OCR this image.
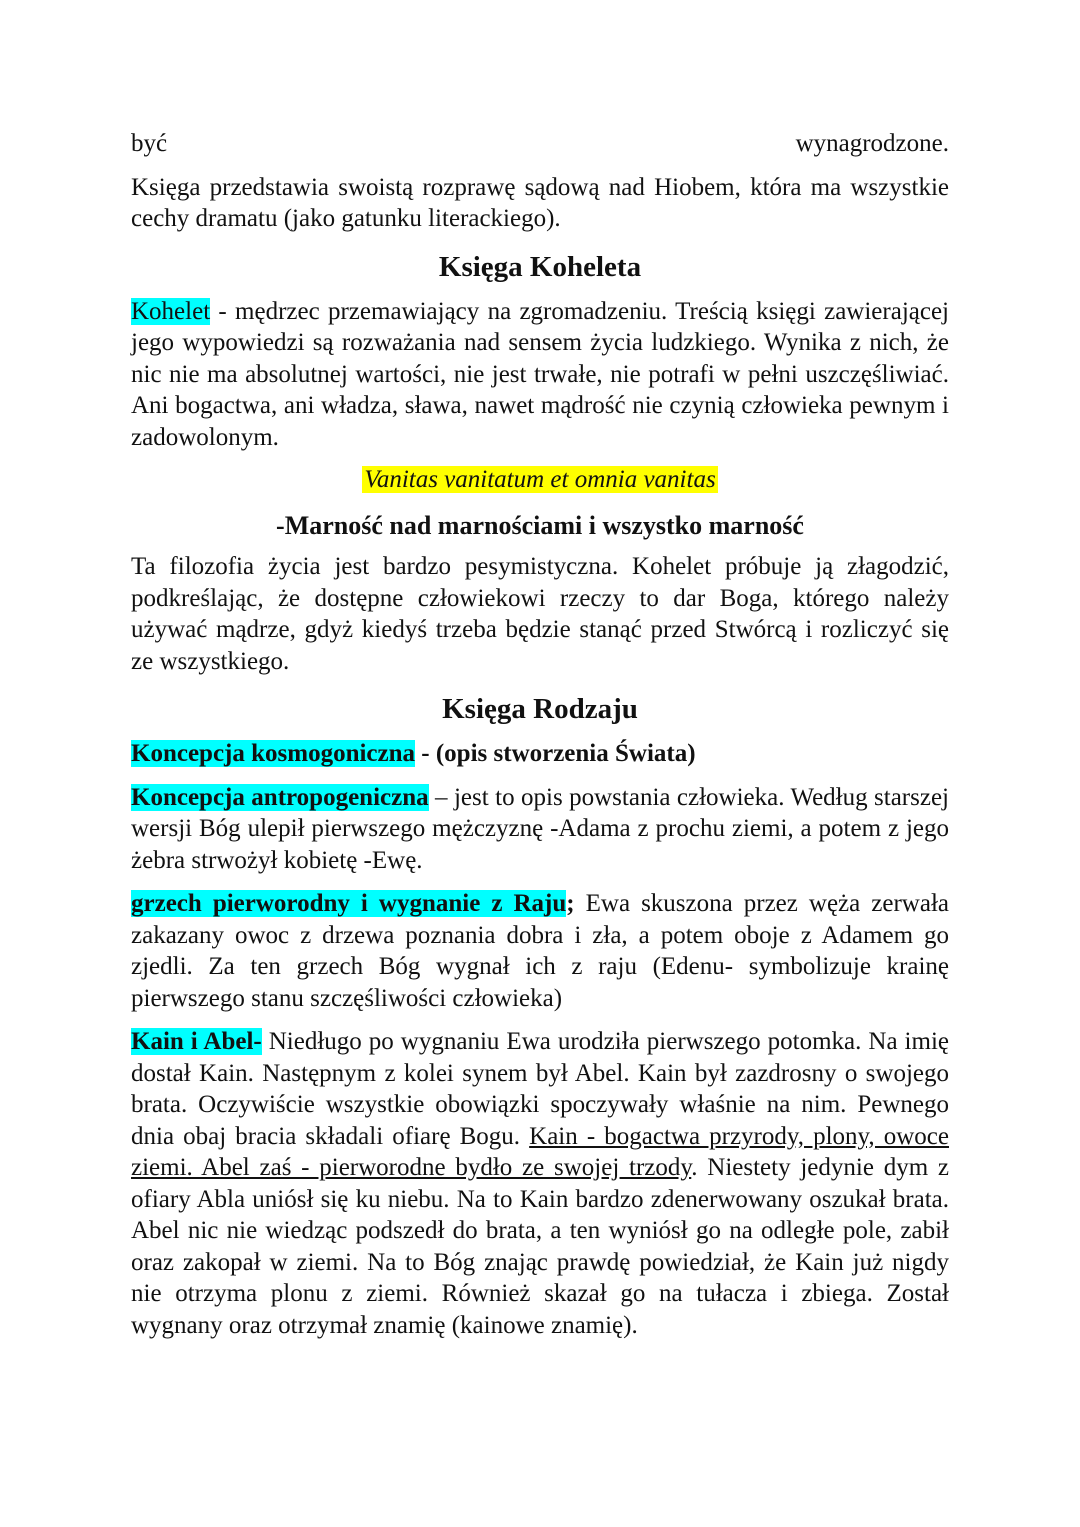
być	wynagrodzone.

Księga przedstawia swoistą rozprawę sądową nad Hiobem, która ma wszystkie cechy dramatu (jako gatunku literackiego).

Księga Koheleta

Kohelet - mędrzec przemawiający na zgromadzeniu. Treścią księgi zawierającej jego wypowiedzi są rozważania nad sensem życia ludzkiego. Wynika z nich, że nic nie ma absolutnej wartości, nie jest trwałe, nie potrafi w pełni uszczęśliwiać. Ani bogactwa, ani władza, sława, nawet mądrość nie czynią człowieka pewnym i zadowolonym.

Vanitas vanitatum et omnia vanitas
-Marność nad marnościami i wszystko marność

Ta filozofia życia jest bardzo pesymistyczna. Kohelet próbuje ją złagodzić, podkreślając, że dostępne człowiekowi rzeczy to dar Boga, którego należy używać mądrze, gdyż kiedyś trzeba będzie stanąć przed Stwórcą i rozliczyć się ze wszystkiego.

Księga Rodzaju

Koncepcja kosmogoniczna - (opis stworzenia Świata)

Koncepcja antropogeniczna – jest to opis powstania człowieka. Według starszej wersji Bóg ulepił pierwszego mężczyznę -Adama z prochu ziemi, a potem z jego żebra strwożył kobietę -Ewę.

grzech pierworodny i wygnanie z Raju; Ewa skuszona przez węża zerwała zakazany owoc z drzewa poznania dobra i zła, a potem oboje z Adamem go zjedli. Za ten grzech Bóg wygnał ich z raju (Edenu- symbolizuje krainę pierwszego stanu szczęśliwości człowieka)

Kain i Abel- Niedługo po wygnaniu Ewa urodziła pierwszego potomka. Na imię dostał Kain. Następnym z kolei synem był Abel. Kain był zazdrosny o swojego brata. Oczywiście wszystkie obowiązki spoczywały właśnie na nim. Pewnego dnia obaj bracia składali ofiarę Bogu. Kain - bogactwa przyrody, plony, owoce ziemi. Abel zaś - pierworodne bydło ze swojej trzody. Niestety jedynie dym z ofiary Abla uniósł się ku niebu. Na to Kain bardzo zdenerwowany oszukał brata. Abel nic nie wiedząc podszedł do brata, a ten wyniósł go na odległe pole, zabił oraz zakopał w ziemi. Na to Bóg znając prawdę powiedział, że Kain już nigdy nie otrzyma plonu z ziemi. Również skazał go na tułacza i zbiega. Został wygnany oraz otrzymał znamię (kainowe znamię).
